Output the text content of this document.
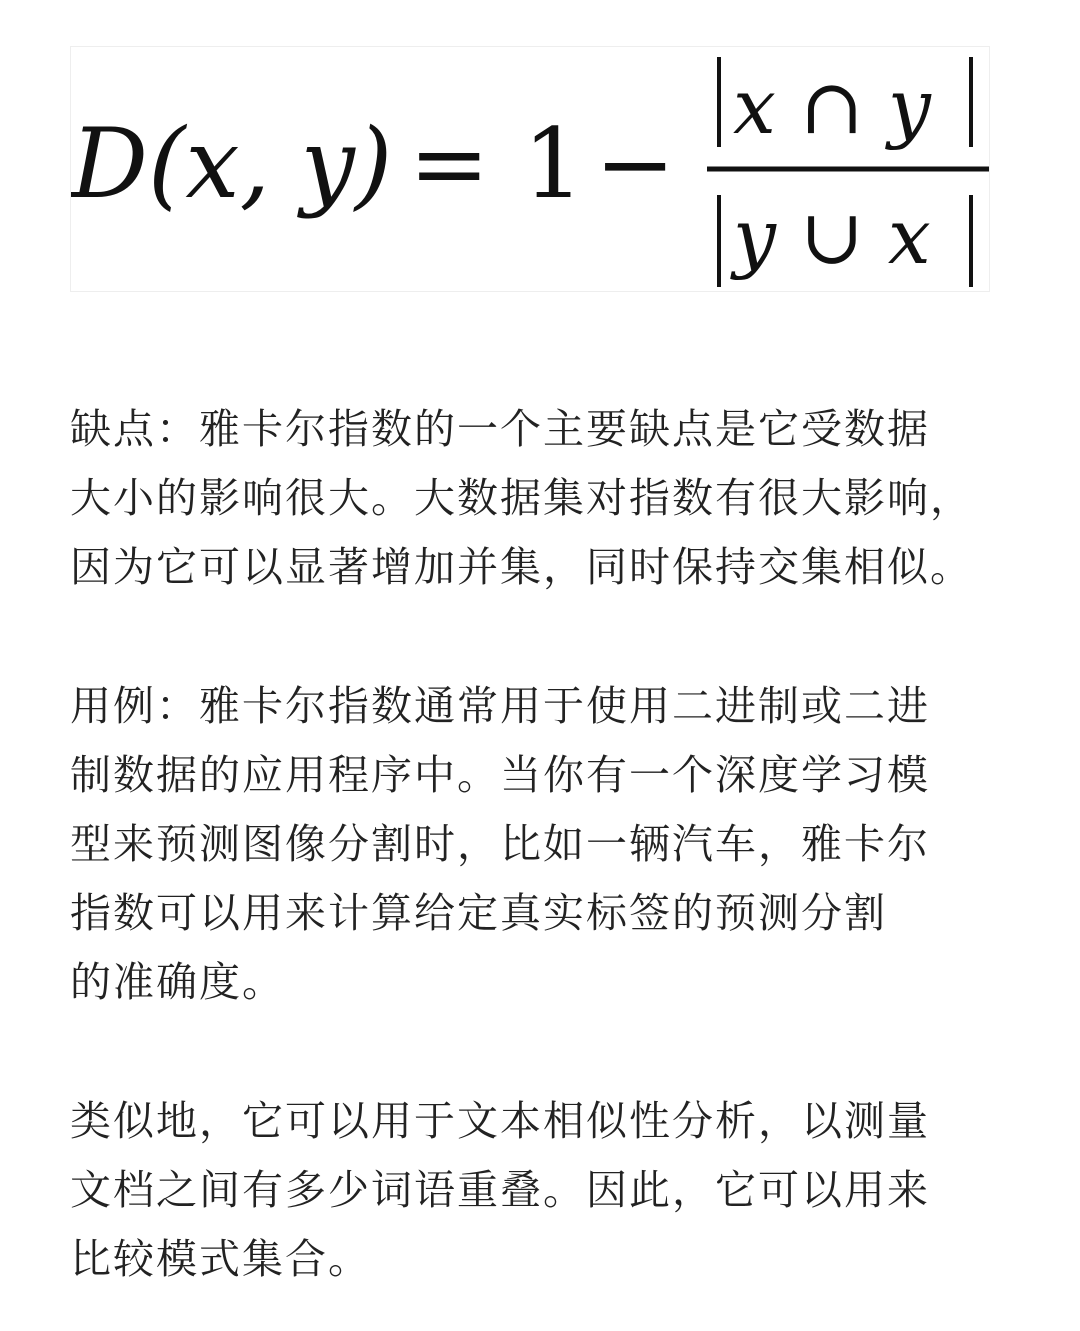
D(x, y) = 1 −
x ∩ y
y ∪ x

缺点：雅卡尔指数的一个主要缺点是它受数据
大小的影响很大。大数据集对指数有很大影响，
因为它可以显著增加并集，同时保持交集相似。

用例：雅卡尔指数通常用于使用二进制或二进
制数据的应用程序中。当你有一个深度学习模
型来预测图像分割时，比如一辆汽车，雅卡尔
指数可以用来计算给定真实标签的预测分割
的准确度。

类似地，它可以用于文本相似性分析，以测量
文档之间有多少词语重叠。因此，它可以用来
比较模式集合。
